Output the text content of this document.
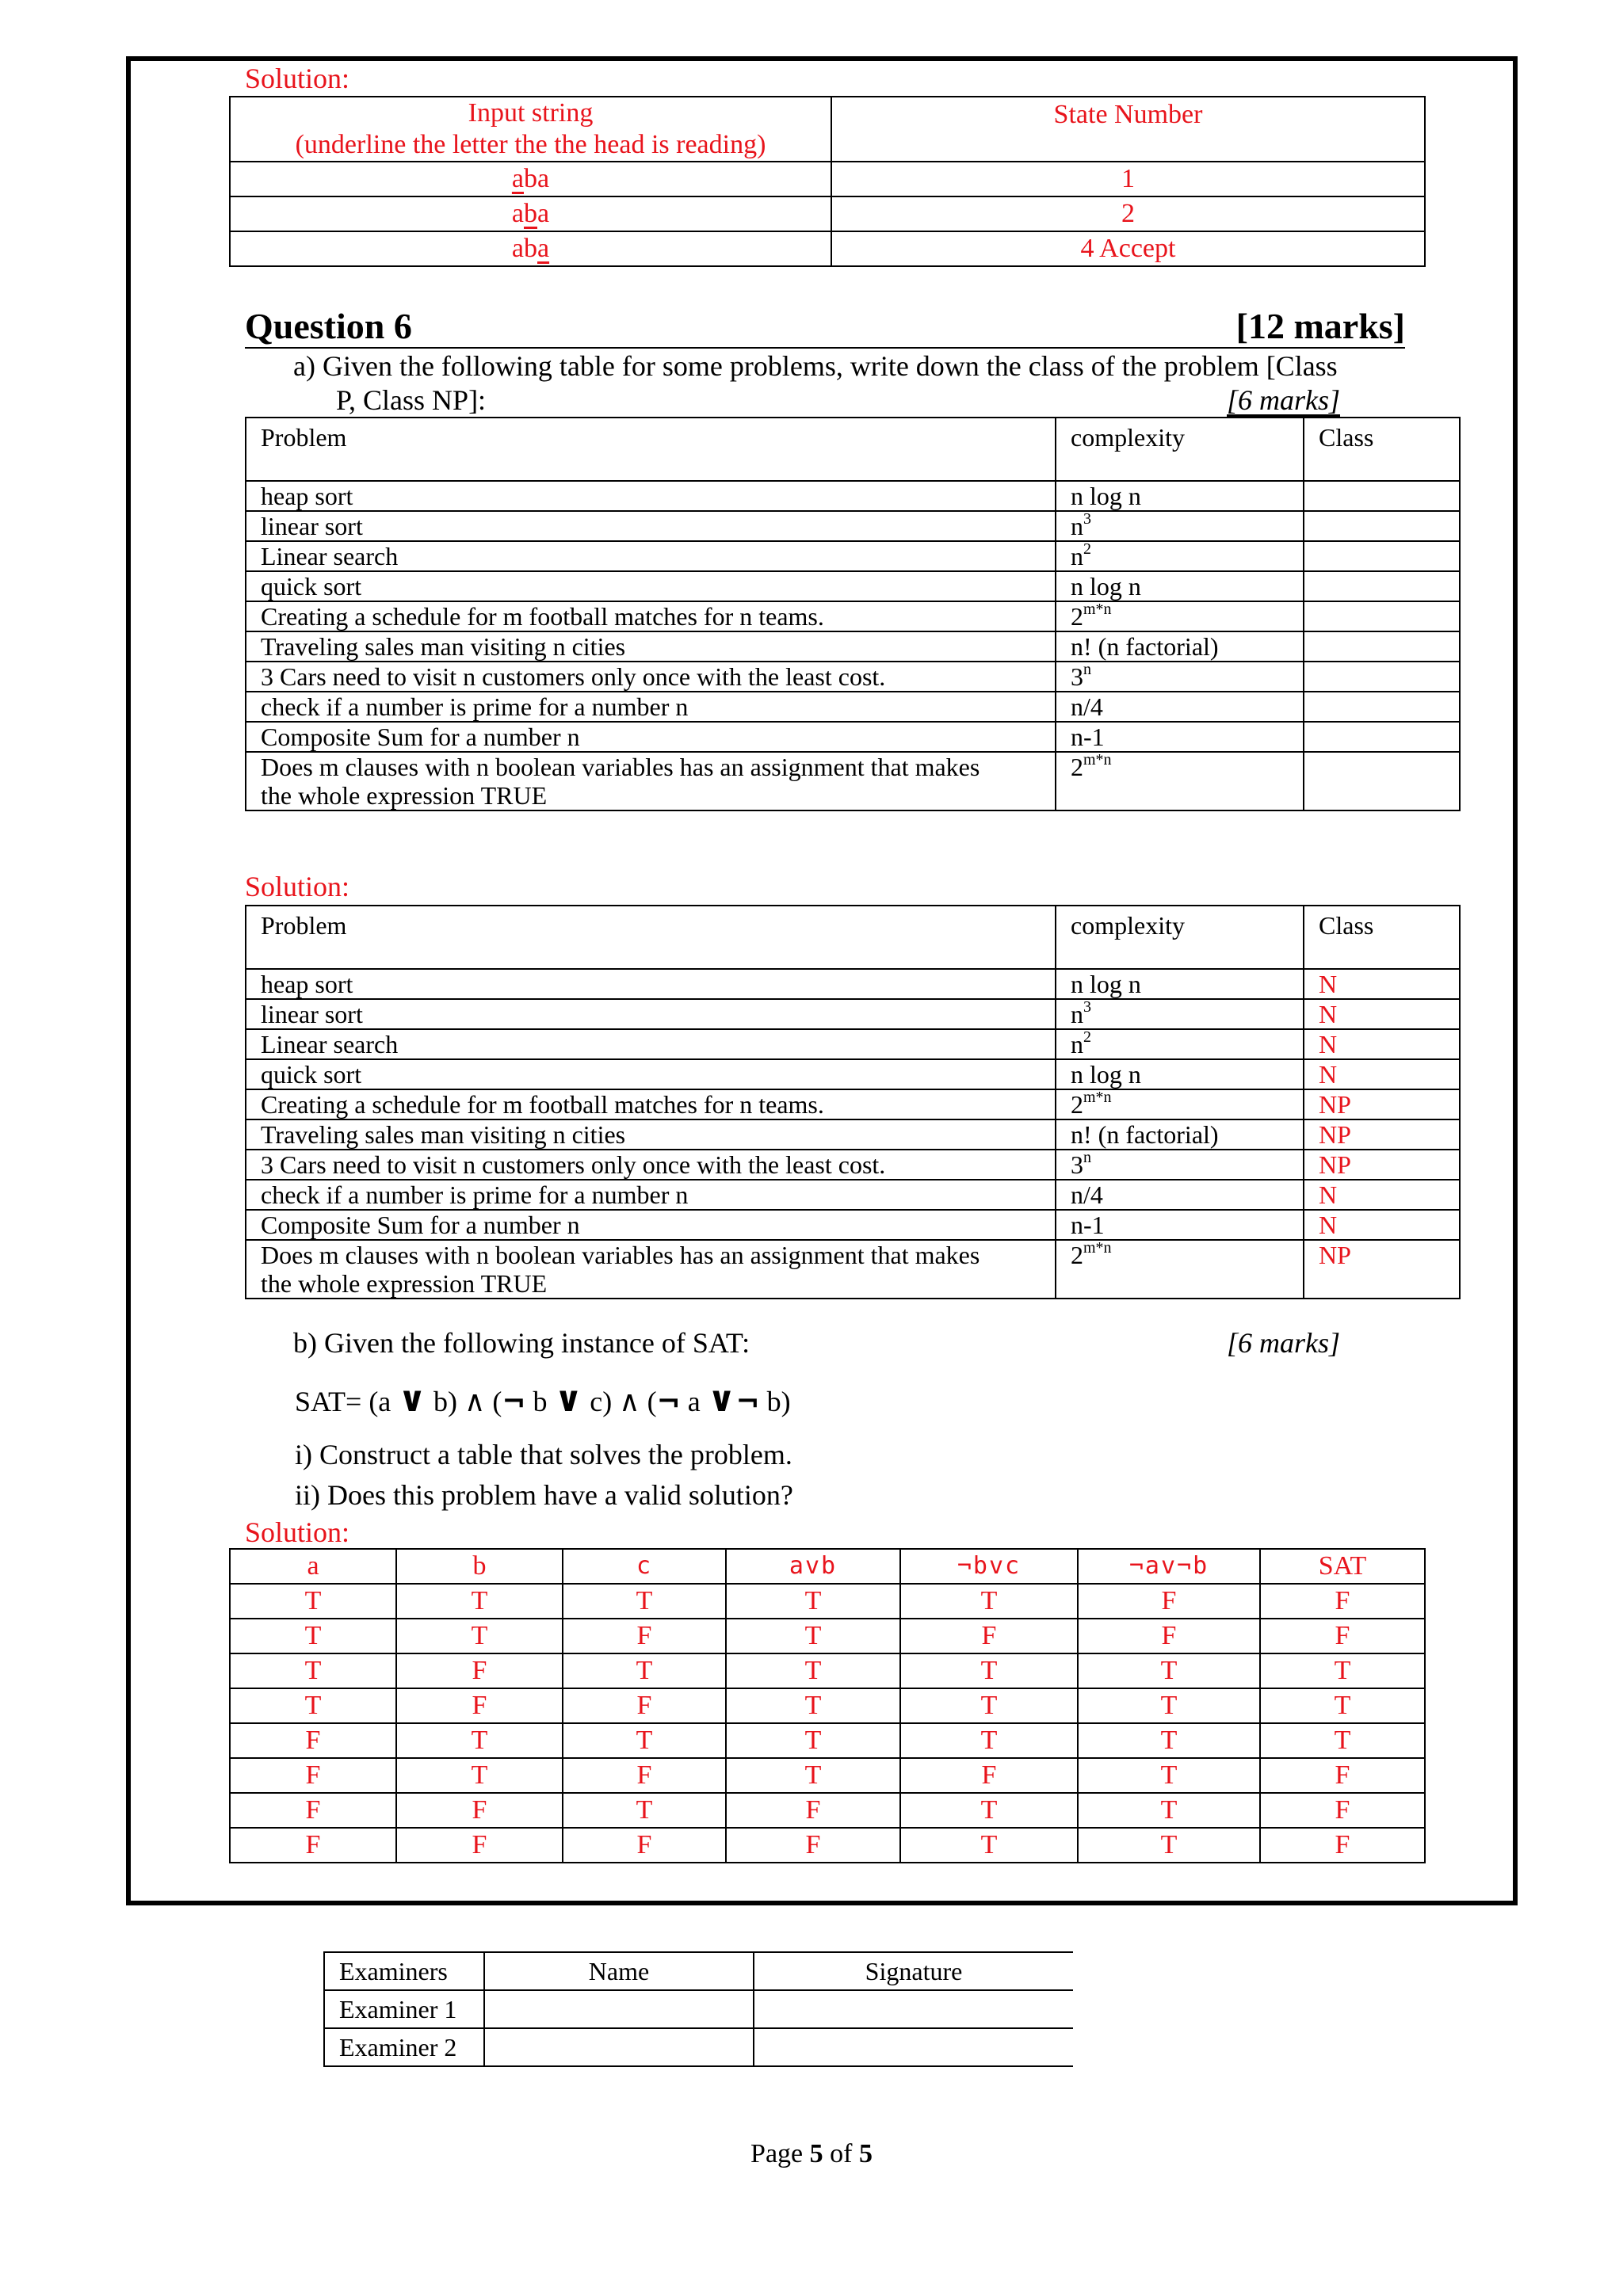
Solution:
Input string
(underline the letter the the head is reading)	State Number
aba	1
aba	2
aba	4 Accept
Question 6	[12 marks]
a) Given the following table for some problems, write down the class of the problem [Class
P, Class NP]:	[6 marks]
Problem	complexity	Class
heap sort	n log n	
linear sort	$n^3$	
Linear search	$n^2$	
quick sort	n log n	
Creating a schedule for m football matches for n teams.	$2^{m*n}$	
Traveling sales man visiting n cities	n! (n factorial)	
3 Cars need to visit n customers only once with the least cost.	3$^n$	
check if a number is prime for a number n	n/4	
Composite Sum for a number n	n-1	

Does m clauses with n boolean variables has an assignment that makes
the whole expression TRUE	$2^{m*n}$	
Solution:
Problem	complexity	Class
heap sort	n log n	N
linear sort	$n^3$	N
Linear search	$n^2$	N
quick sort	n log n	N
Creating a schedule for m football matches for n teams.	$2^{m*n}$	NP
Traveling sales man visiting n cities	n! (n factorial)	NP
3 Cars need to visit n customers only once with the least cost.	3$^n$	NP
check if a number is prime for a number n	n/4	N
Composite Sum for a number n	n-1	N

Does m clauses with n boolean variables has an assignment that makes
the whole expression TRUE	$2^{m*n}$	NP
b) Given the following instance of SAT:	[6 marks]
SAT= (a ∨ b) ∧ (¬ b ∨ c) ∧ (¬ a ∨¬ b)
i) Construct a table that solves the problem.
ii) Does this problem have a valid solution?
Solution:
a	b	c	avb	¬bvc	¬av¬b	SAT
T	T	T	T	T	F	F
T	T	F	T	F	F	F
T	F	T	T	T	T	T
T	F	F	T	T	T	T
F	T	T	T	T	T	T
F	T	F	T	F	T	F
F	F	T	F	T	T	F
F	F	F	F	T	T	F
Examiners	Name	Signature
Examiner 1		
Examiner 2		
Page 5 of 5
